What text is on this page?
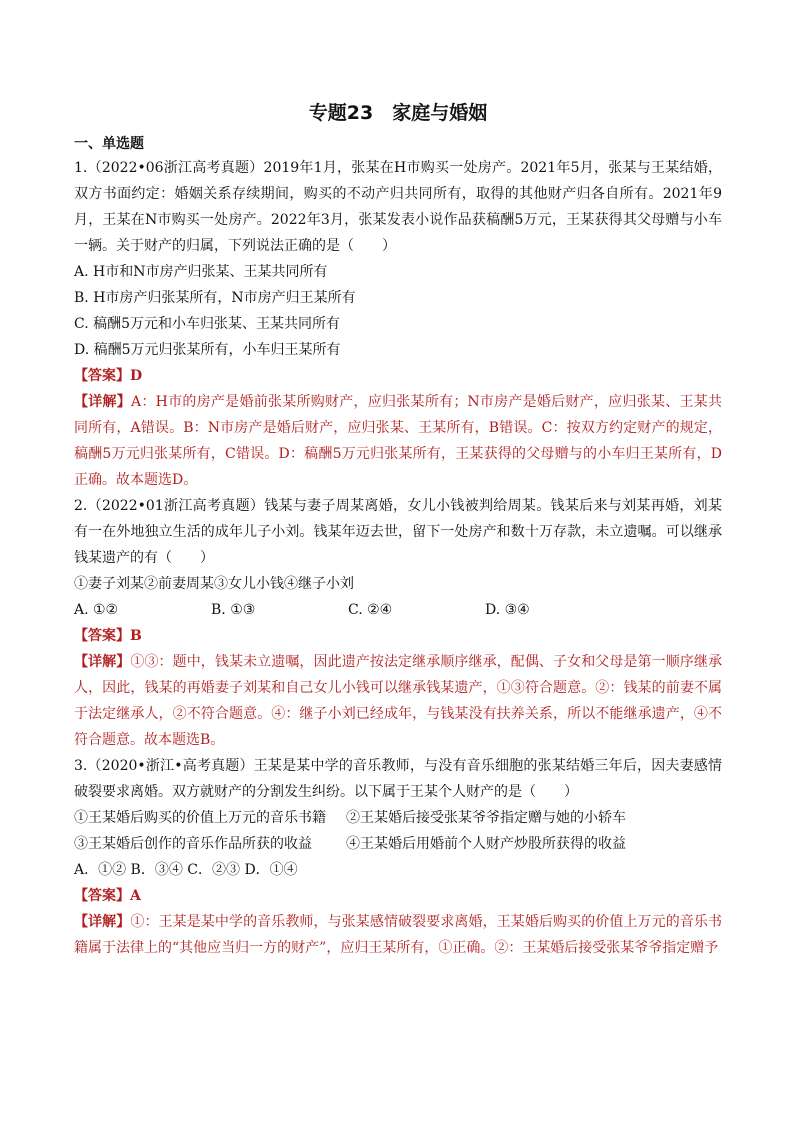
专题23　家庭与婚姻
一、单选题

1.（2022•06浙江高考真题）2019年1月，张某在H市购买一处房产。2021年5月，张某与王某结婚，双方书面约定：婚姻关系存续期间，购买的不动产归共同所有，取得的其他财产归各自所有。2021年9月，王某在N市购买一处房产。2022年3月，张某发表小说作品获稿酬5万元，王某获得其父母赠与小车一辆。关于财产的归属，下列说法正确的是（　　）

A. H市和N市房产归张某、王某共同所有

B. H市房产归张某所有，N市房产归王某所有

C. 稿酬5万元和小车归张某、王某共同所有

D. 稿酬5万元归张某所有，小车归王某所有

【答案】D

【详解】A：H市的房产是婚前张某所购财产，应归张某所有；N市房产是婚后财产，应归张某、王某共同所有，A错误。B：N市房产是婚后财产，应归张某、王某所有，B错误。C：按双方约定财产的规定，稿酬5万元归张某所有，C错误。D：稿酬5万元归张某所有，王某获得的父母赠与的小车归王某所有，D正确。故本题选D。

2.（2022•01浙江高考真题）钱某与妻子周某离婚，女儿小钱被判给周某。钱某后来与刘某再婚，刘某有一在外地独立生活的成年儿子小刘。钱某年迈去世，留下一处房产和数十万存款，未立遗嘱。可以继承钱某遗产的有（　　）

①妻子刘某②前妻周某③女儿小钱④继子小刘

A. ①②	B. ①③	C. ②④	D. ③④

【答案】B

【详解】①③：题中，钱某未立遗嘱，因此遗产按法定继承顺序继承，配偶、子女和父母是第一顺序继承人，因此，钱某的再婚妻子刘某和自己女儿小钱可以继承钱某遗产，①③符合题意。②：钱某的前妻不属于法定继承人，②不符合题意。④：继子小刘已经成年，与钱某没有扶养关系，所以不能继承遗产，④不符合题意。故本题选B。

3.（2020•浙江•高考真题）王某是某中学的音乐教师，与没有音乐细胞的张某结婚三年后，因夫妻感情破裂要求离婚。双方就财产的分割发生纠纷。以下属于王某个人财产的是（　　）

①王某婚后购买的价值上万元的音乐书籍	②王某婚后接受张某爷爷指定赠与她的小轿车
③王某婚后创作的音乐作品所获的收益	④王某婚后用婚前个人财产炒股所获得的收益

A．①② B．③④ C．②③ D．①④

【答案】A

【详解】①：王某是某中学的音乐教师，与张某感情破裂要求离婚，王某婚后购买的价值上万元的音乐书籍属于法律上的“其他应当归一方的财产”，应归王某所有，①正确。②：王某婚后接受张某爷爷指定赠予
